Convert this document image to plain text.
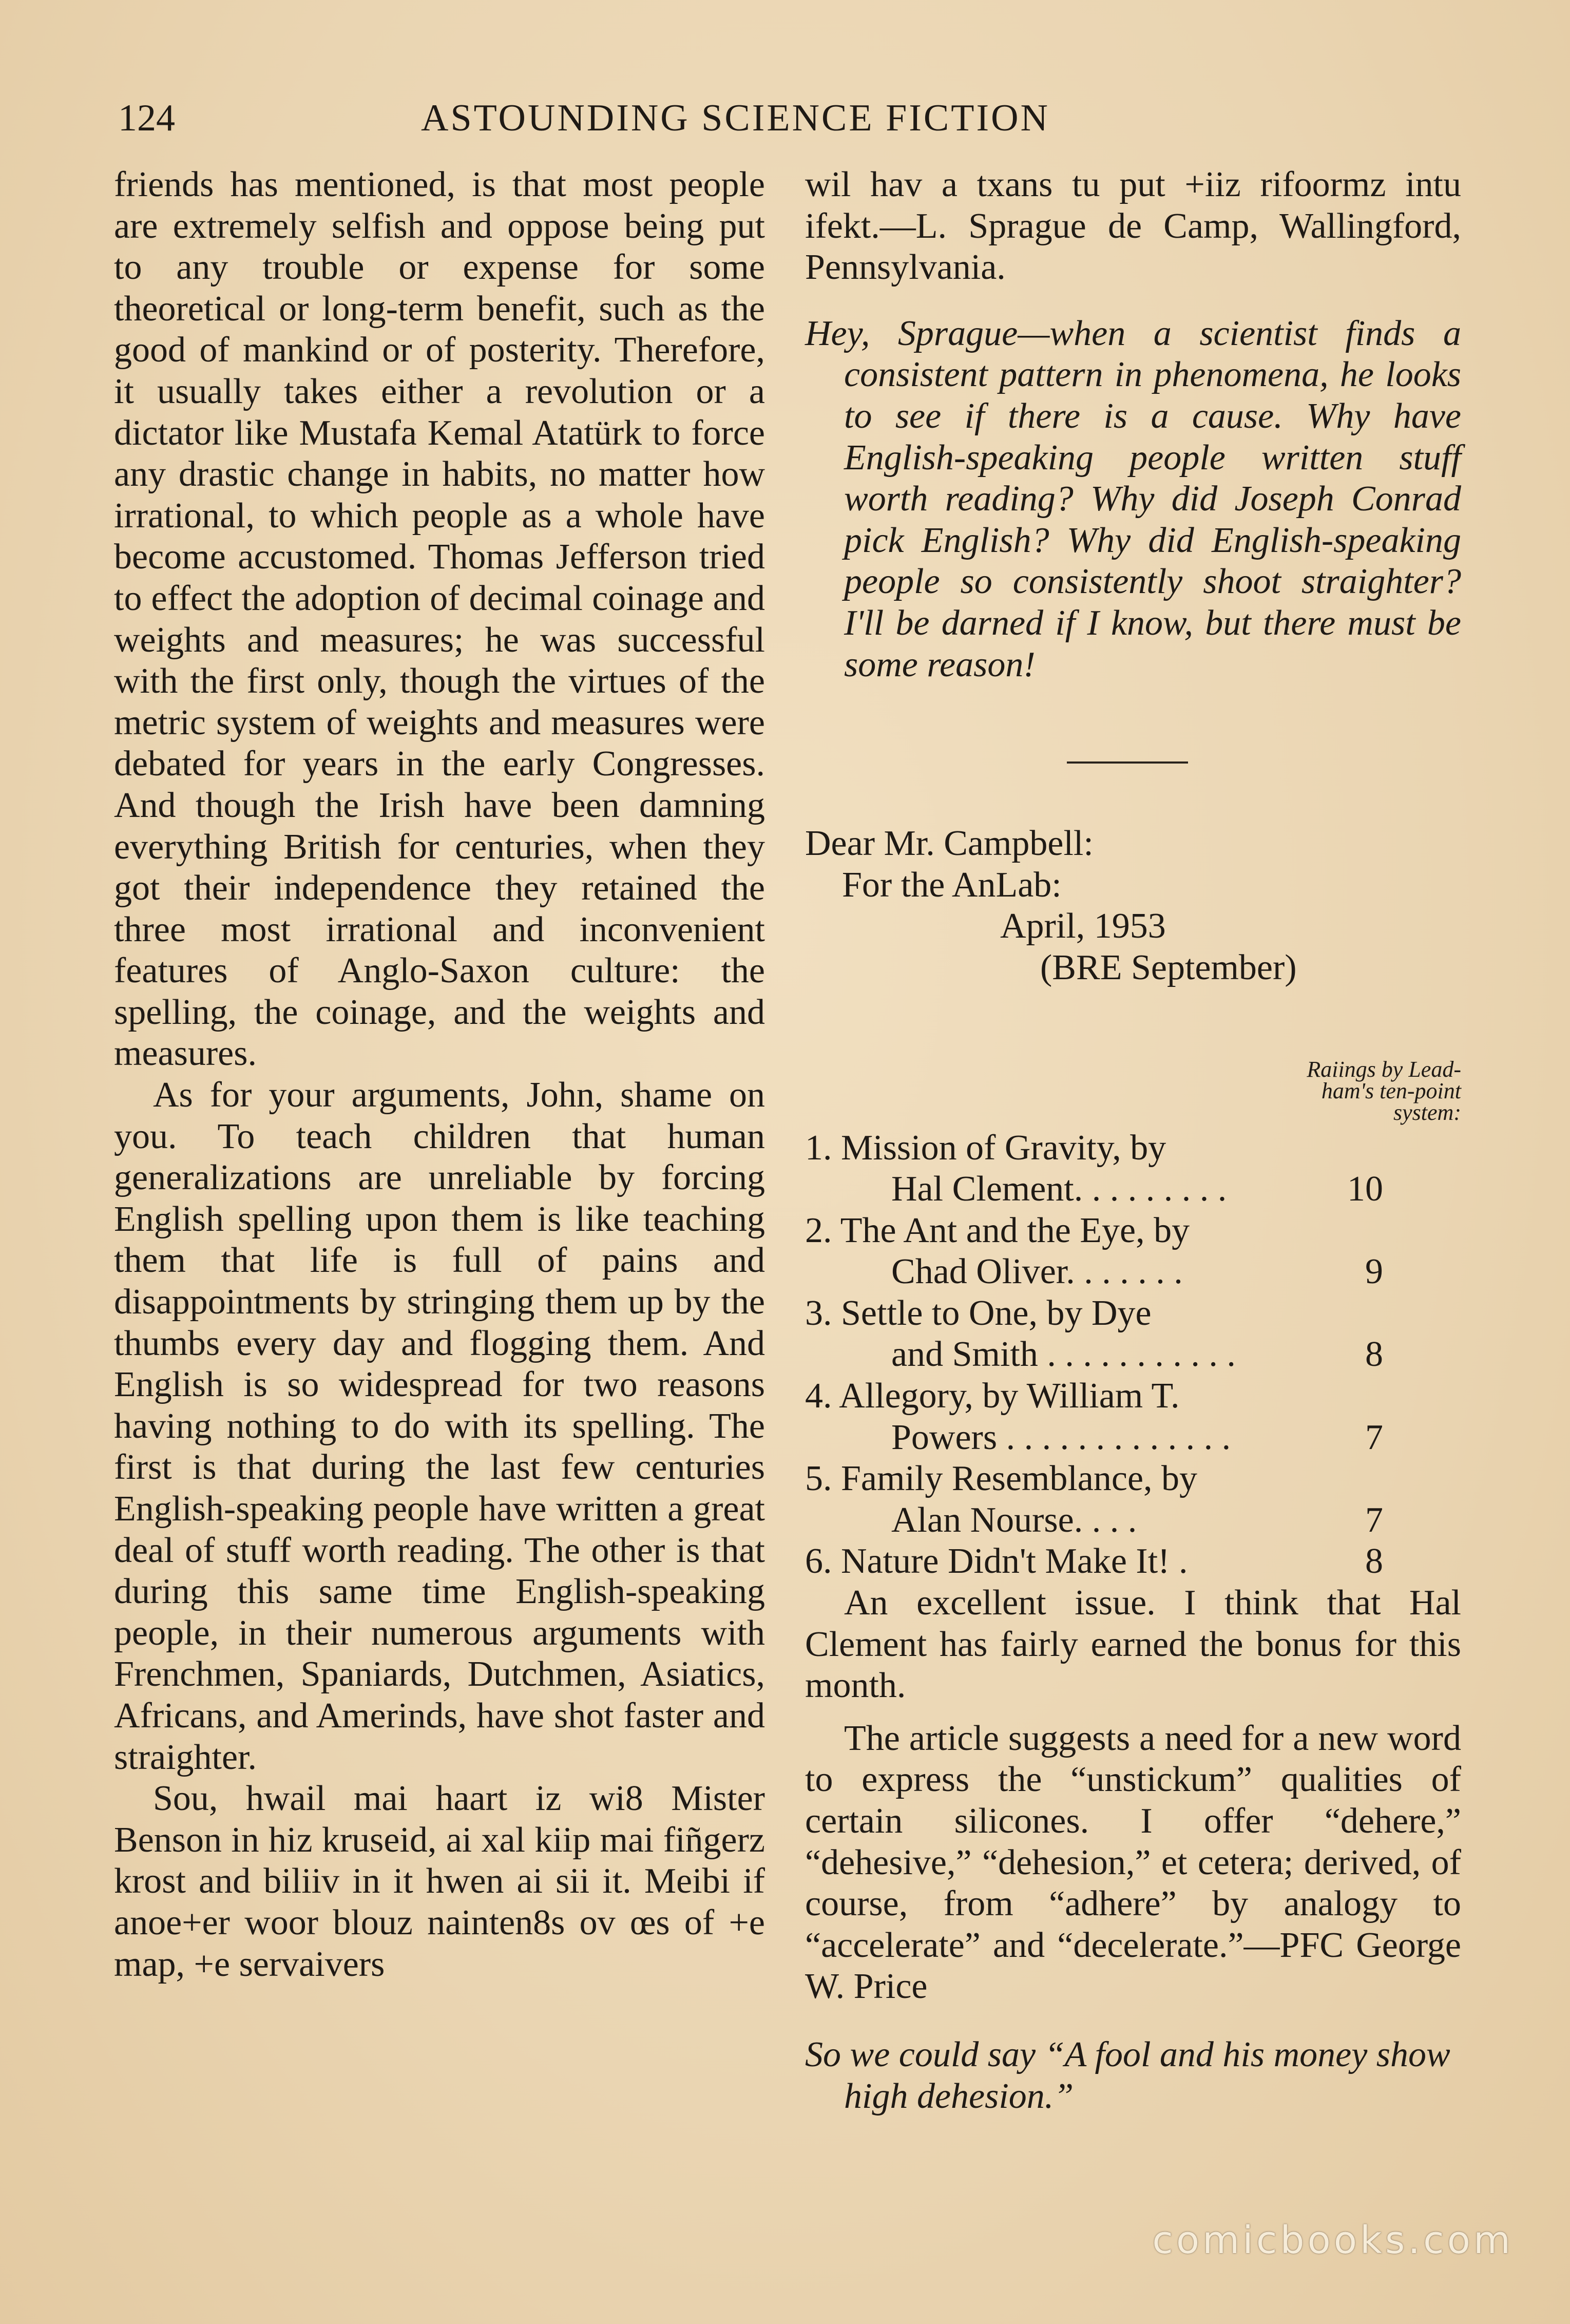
124	ASTOUNDING SCIENCE FICTION

friends has mentioned, is that most people are extremely selfish and oppose being put to any trouble or expense for some theoretical or long-term benefit, such as the good of mankind or of posterity. Therefore, it usually takes either a revolution or a dictator like Mustafa Kemal Atatürk to force any drastic change in habits, no matter how irrational, to which people as a whole have become accustomed. Thomas Jefferson tried to effect the adoption of decimal coinage and weights and measures; he was successful with the first only, though the virtues of the metric system of weights and measures were debated for years in the early Congresses. And though the Irish have been damning everything British for centuries, when they got their independence they retained the three most irrational and inconvenient features of Anglo-Saxon culture: the spelling, the coinage, and the weights and measures.

As for your arguments, John, shame on you. To teach children that human generalizations are unreliable by forcing English spelling upon them is like teaching them that life is full of pains and disappointments by stringing them up by the thumbs every day and flogging them. And English is so widespread for two reasons having nothing to do with its spelling. The first is that during the last few centuries English-speaking people have written a great deal of stuff worth reading. The other is that during this same time English-speaking people, in their numerous arguments with Frenchmen, Spaniards, Dutchmen, Asiatics, Africans, and Amerinds, have shot faster and straighter.

Sou, hwail mai haart iz wi8 Mister Benson in hiz kruseid, ai xal kiip mai fiñgerz krost and biliiv in it hwen ai sii it. Meibi if anoe+er woor blouz nainten8s ov œs of +e map, +e servaivers

wil hav a txans tu put +iiz rifoormz intu ifekt.—L. Sprague de Camp, Wallingford, Pennsylvania.

Hey, Sprague—when a scientist finds a consistent pattern in phenomena, he looks to see if there is a cause. Why have English-speaking people written stuff worth reading? Why did Joseph Conrad pick English? Why did English-speaking people so consistently shoot straighter? I'll be darned if I know, but there must be some reason!

Dear Mr. Campbell:

For the AnLab:

April, 1953

(BRE September)

Raiings by Lead-
ham's ten-point
system:
1. Mission of Gravity, by
Hal Clement. . . . . . . . .	10
2. The Ant and the Eye, by
Chad Oliver. . . . . . .	9
3. Settle to One, by Dye
and Smith . . . . . . . . . . .	8
4. Allegory, by William T.
Powers . . . . . . . . . . . . .	7
5. Family Resemblance, by
Alan Nourse. . . .	7
6. Nature Didn't Make It! .	8

An excellent issue. I think that Hal Clement has fairly earned the bonus for this month.

The article suggests a need for a new word to express the “unstickum” qualities of certain silicones. I offer “dehere,” “dehesive,” “dehesion,” et cetera; derived, of course, from “adhere” by analogy to “accelerate” and “decelerate.”—PFC George W. Price

So we could say “A fool and his money show high dehesion.”

comicbooks.com
